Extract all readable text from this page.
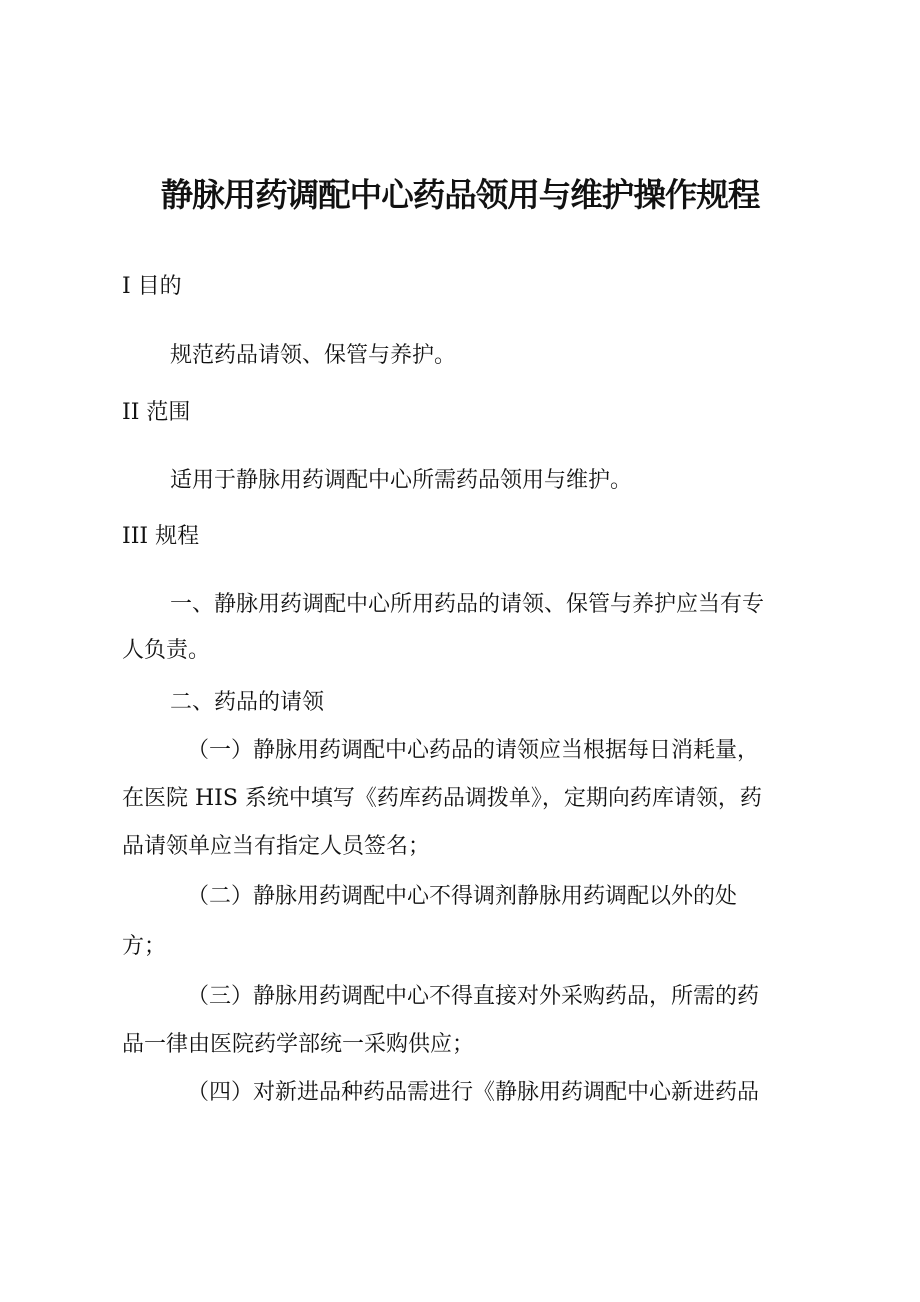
静脉用药调配中心药品领用与维护操作规程
I 目的
规范药品请领、保管与养护。
II 范围
适用于静脉用药调配中心所需药品领用与维护。
III 规程
一、静脉用药调配中心所用药品的请领、保管与养护应当有专
人负责。
二、药品的请领
（一）静脉用药调配中心药品的请领应当根据每日消耗量，
在医院 HIS 系统中填写《药库药品调拨单》，定期向药库请领，药
品请领单应当有指定人员签名；
（二）静脉用药调配中心不得调剂静脉用药调配以外的处
方；
（三）静脉用药调配中心不得直接对外采购药品，所需的药
品一律由医院药学部统一采购供应；
（四）对新进品种药品需进行《静脉用药调配中心新进药品
